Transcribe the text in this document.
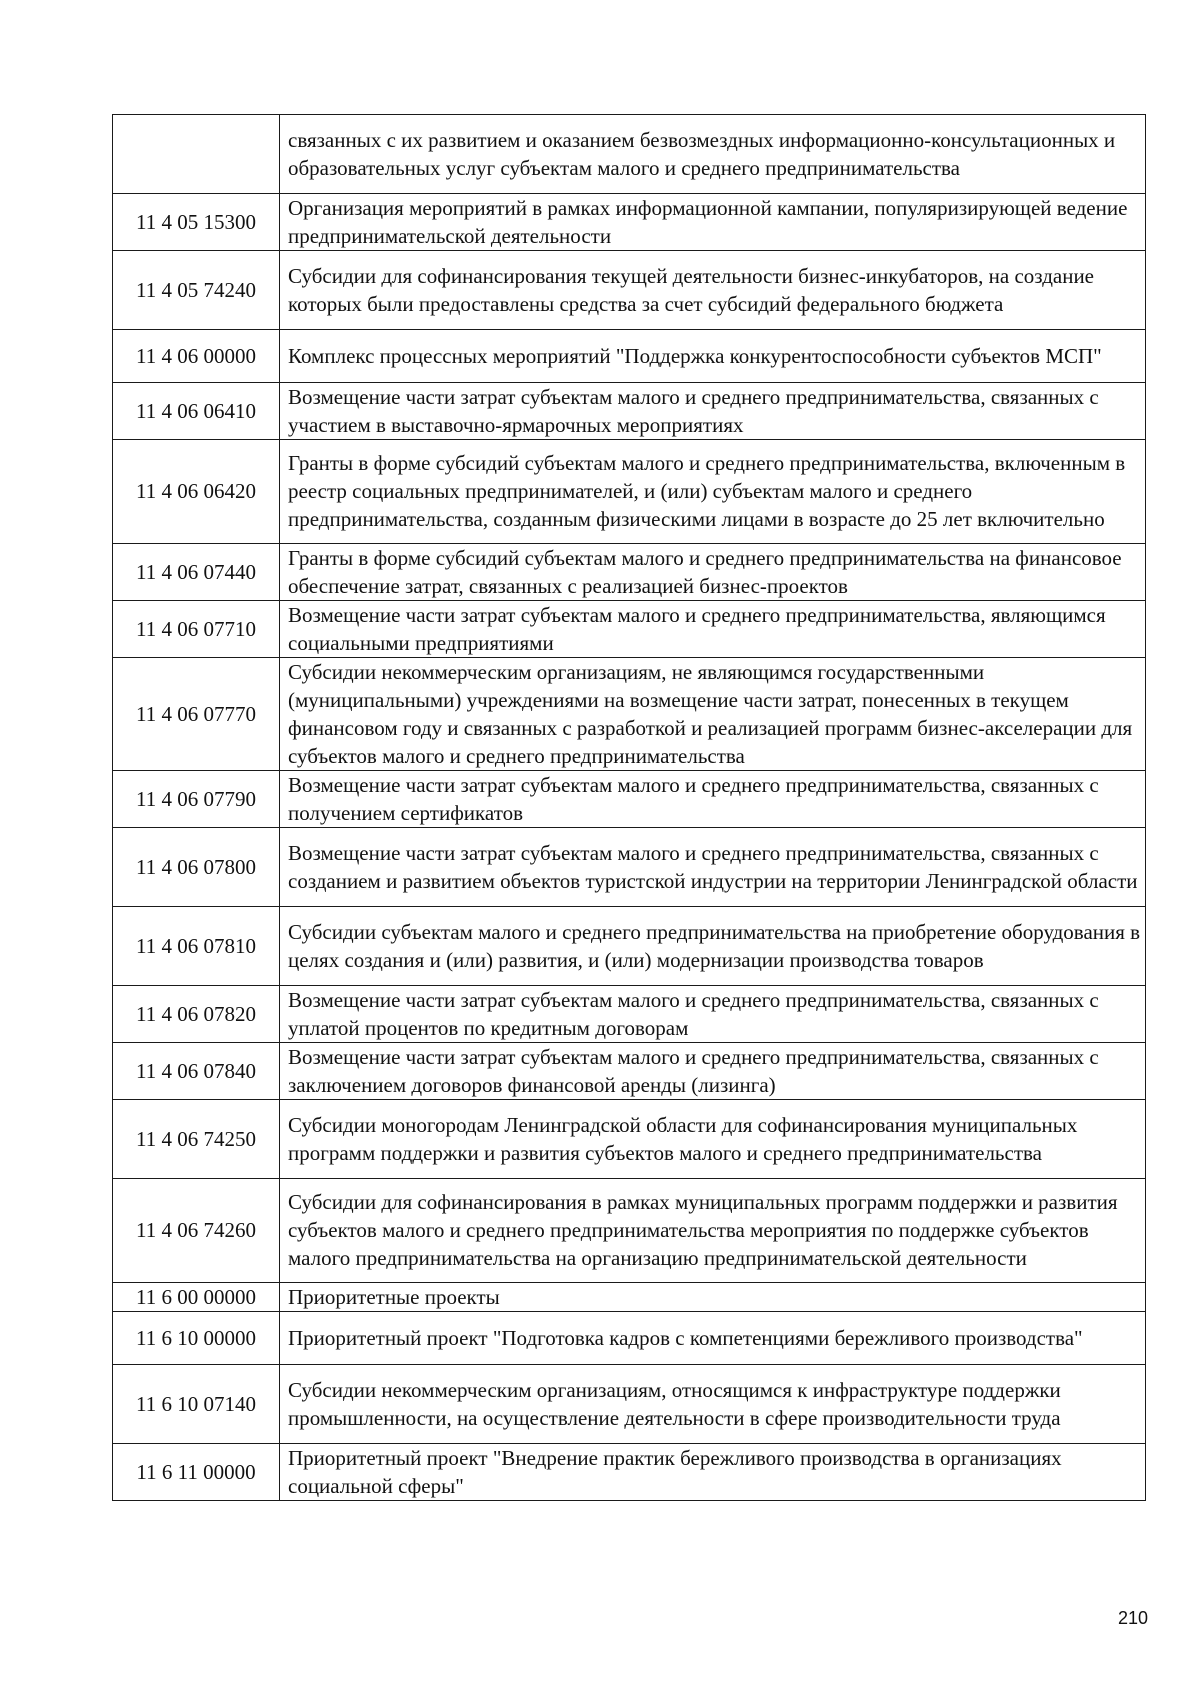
	связанных с их развитием и оказанием безвозмездных информационно-консультационных и образовательных услуг субъектам малого и среднего предпринимательства
11 4 05 15300	Организация мероприятий в рамках информационной кампании, популяризирующей ведение предпринимательской деятельности
11 4 05 74240	Субсидии для софинансирования текущей деятельности бизнес-инкубаторов, на создание которых были предоставлены средства за счет субсидий федерального бюджета
11 4 06 00000	Комплекс процессных мероприятий "Поддержка конкурентоспособности субъектов МСП"
11 4 06 06410	Возмещение части затрат субъектам малого и среднего предпринимательства, связанных с участием в выставочно-ярмарочных мероприятиях
11 4 06 06420	Гранты в форме субсидий субъектам малого и среднего предпринимательства, включенным в реестр социальных предпринимателей, и (или) субъектам малого и среднего предпринимательства, созданным физическими лицами в возрасте до 25 лет включительно
11 4 06 07440	Гранты в форме субсидий субъектам малого и среднего предпринимательства на финансовое обеспечение затрат, связанных с реализацией бизнес-проектов
11 4 06 07710	Возмещение части затрат субъектам малого и среднего предпринимательства, являющимся социальными предприятиями
11 4 06 07770	Субсидии некоммерческим организациям, не являющимся государственными (муниципальными) учреждениями на возмещение части затрат, понесенных в текущем финансовом году и связанных с разработкой и реализацией программ бизнес-акселерации для субъектов малого и среднего предпринимательства
11 4 06 07790	Возмещение части затрат субъектам малого и среднего предпринимательства, связанных с получением сертификатов
11 4 06 07800	Возмещение части затрат субъектам малого и среднего предпринимательства, связанных с созданием и развитием объектов туристской индустрии на территории Ленинградской области
11 4 06 07810	Субсидии субъектам малого и среднего предпринимательства на приобретение оборудования в целях создания и (или) развития, и (или) модернизации производства товаров
11 4 06 07820	Возмещение части затрат субъектам малого и среднего предпринимательства, связанных с уплатой процентов по кредитным договорам
11 4 06 07840	Возмещение части затрат субъектам малого и среднего предпринимательства, связанных с заключением договоров финансовой аренды (лизинга)
11 4 06 74250	Субсидии моногородам Ленинградской области для софинансирования муниципальных программ поддержки и развития субъектов малого и среднего предпринимательства
11 4 06 74260	Субсидии для софинансирования в рамках муниципальных программ поддержки и развития субъектов малого и среднего предпринимательства мероприятия по поддержке субъектов малого предпринимательства на организацию предпринимательской деятельности
11 6 00 00000	Приоритетные проекты
11 6 10 00000	Приоритетный проект "Подготовка кадров с компетенциями бережливого производства"
11 6 10 07140	Субсидии некоммерческим организациям, относящимся к инфраструктуре поддержки промышленности, на осуществление деятельности в сфере производительности труда
11 6 11 00000	Приоритетный проект "Внедрение практик бережливого производства в организациях социальной сферы"
210
